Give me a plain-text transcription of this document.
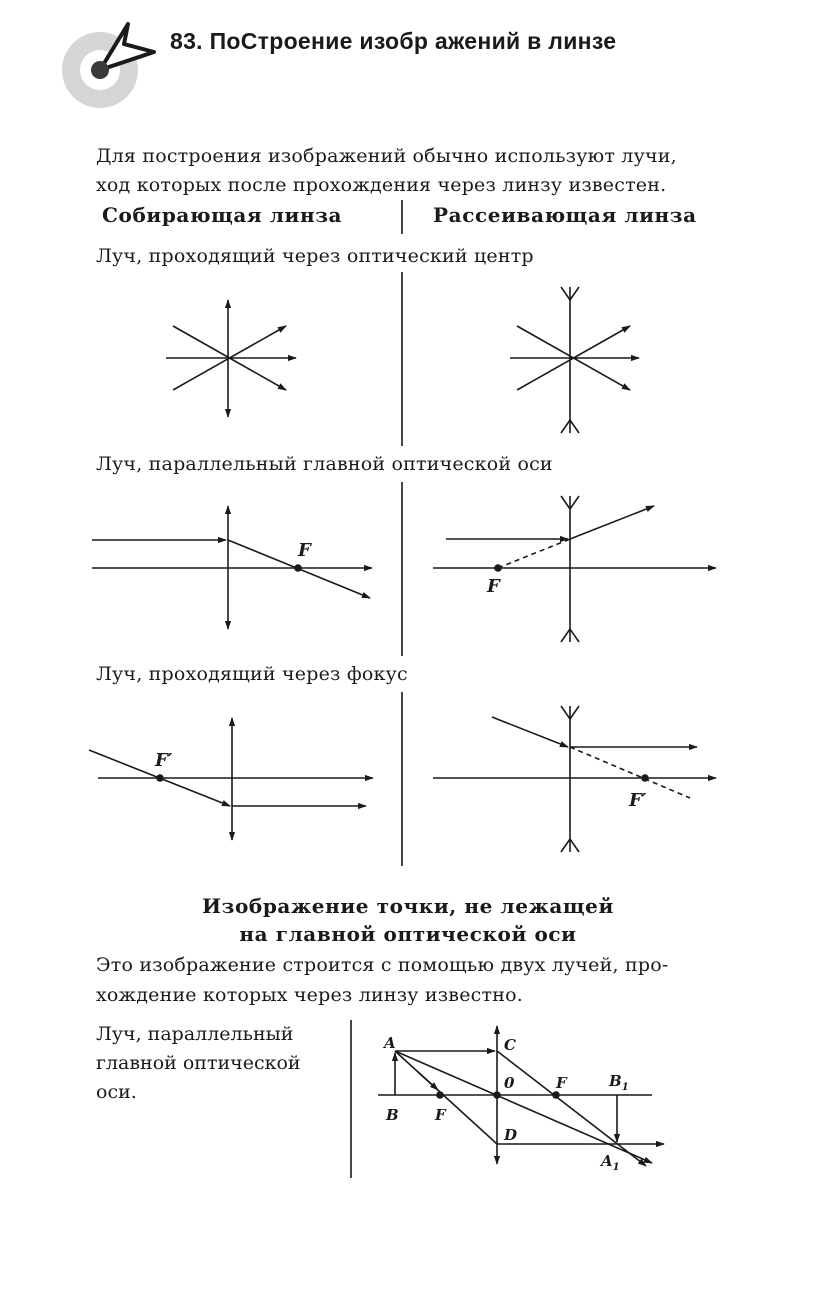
83. ПоСтроение изобр ажений в линзе
Для построения изображений обычно используют лучи,
ход которых после прохождения через линзу известен.
Собирающая линза	Рассеивающая линза
Луч, проходящий через оптический центр
Луч, параллельный главной оптической оси
Луч, проходящий через фокус
Изображение точки, не лежащей
на главной оптической оси
Это изображение строится с помощью двух лучей, про-
хождение которых через линзу известно.
Луч, параллельный
главной оптической
оси.
F
F
F′
F′
A
B
C
D
0
F
F	$B_1$
$A_1$
